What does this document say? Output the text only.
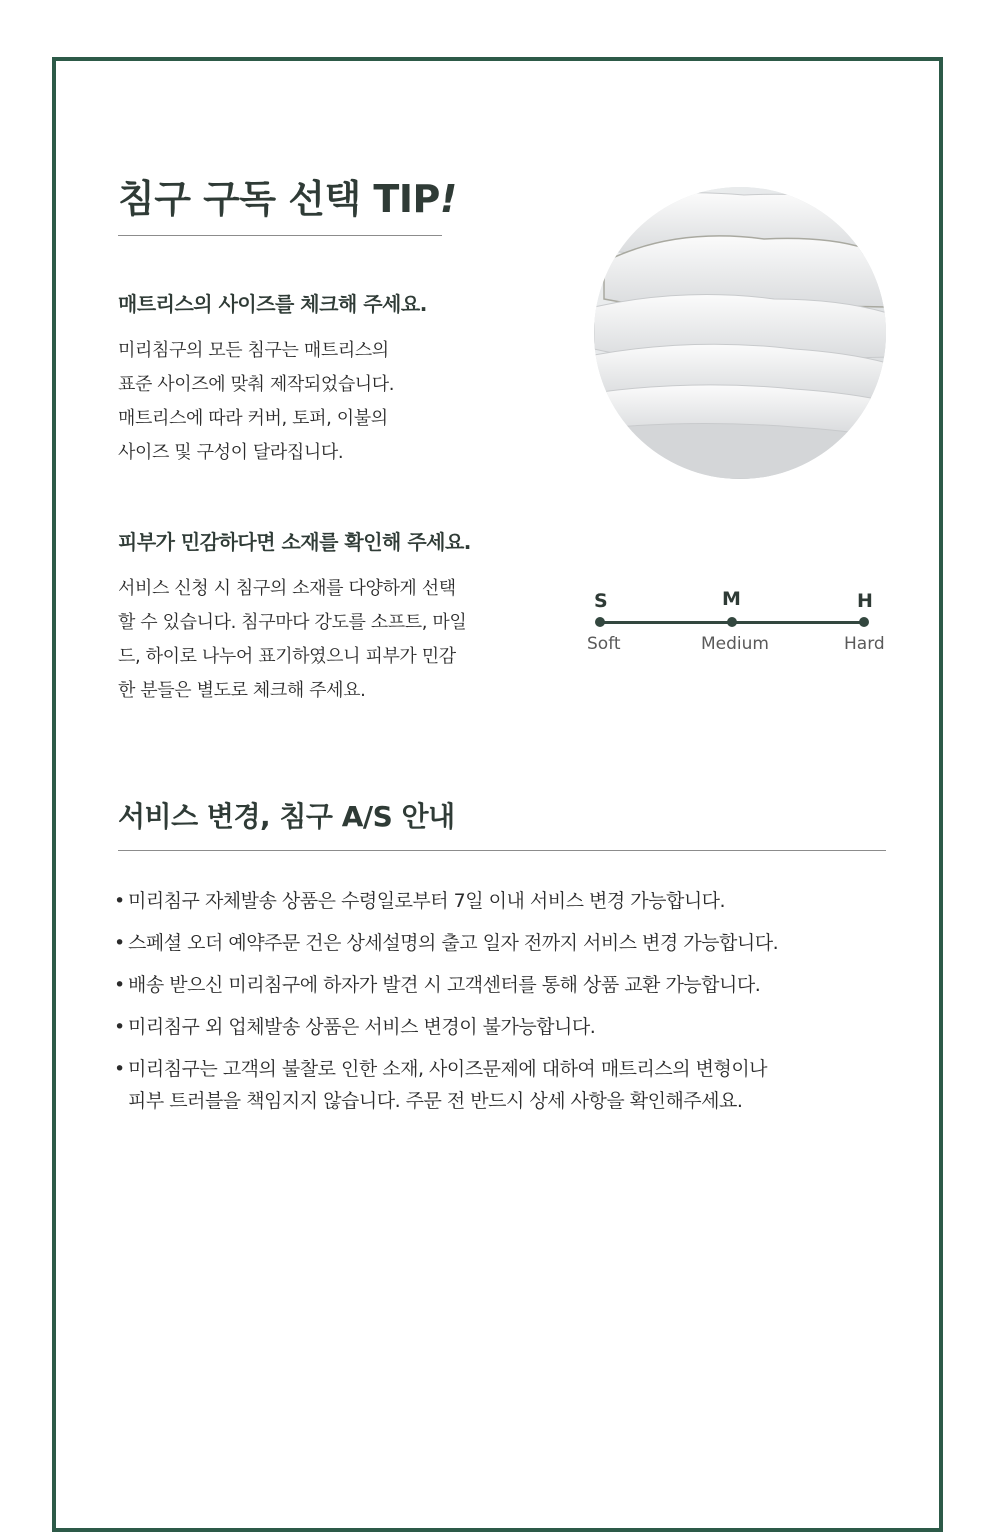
침구 구독 선택 TIP!
매트리스의 사이즈를 체크해 주세요.

미리침구의 모든 침구는 매트리스의
표준 사이즈에 맞춰 제작되었습니다.
매트리스에 따라 커버, 토퍼, 이불의
사이즈 및 구성이 달라집니다.

피부가 민감하다면 소재를 확인해 주세요.

서비스 신청 시 침구의 소재를 다양하게 선택
할 수 있습니다. 침구마다 강도를 소프트, 마일
드, 하이로 나누어 표기하였으니 피부가 민감
한 분들은 별도로 체크해 주세요.

S	M	H
Soft	Medium	Hard
서비스 변경, 침구 A/S 안내
• 미리침구 자체발송 상품은 수령일로부터 7일 이내 서비스 변경 가능합니다.
• 스페셜 오더 예약주문 건은 상세설명의 출고 일자 전까지 서비스 변경 가능합니다.
• 배송 받으신 미리침구에 하자가 발견 시 고객센터를 통해 상품 교환 가능합니다.
• 미리침구 외 업체발송 상품은 서비스 변경이 불가능합니다.
• 미리침구는 고객의 불찰로 인한 소재, 사이즈문제에 대하여 매트리스의 변형이나
피부 트러블을 책임지지 않습니다. 주문 전 반드시 상세 사항을 확인해주세요.
